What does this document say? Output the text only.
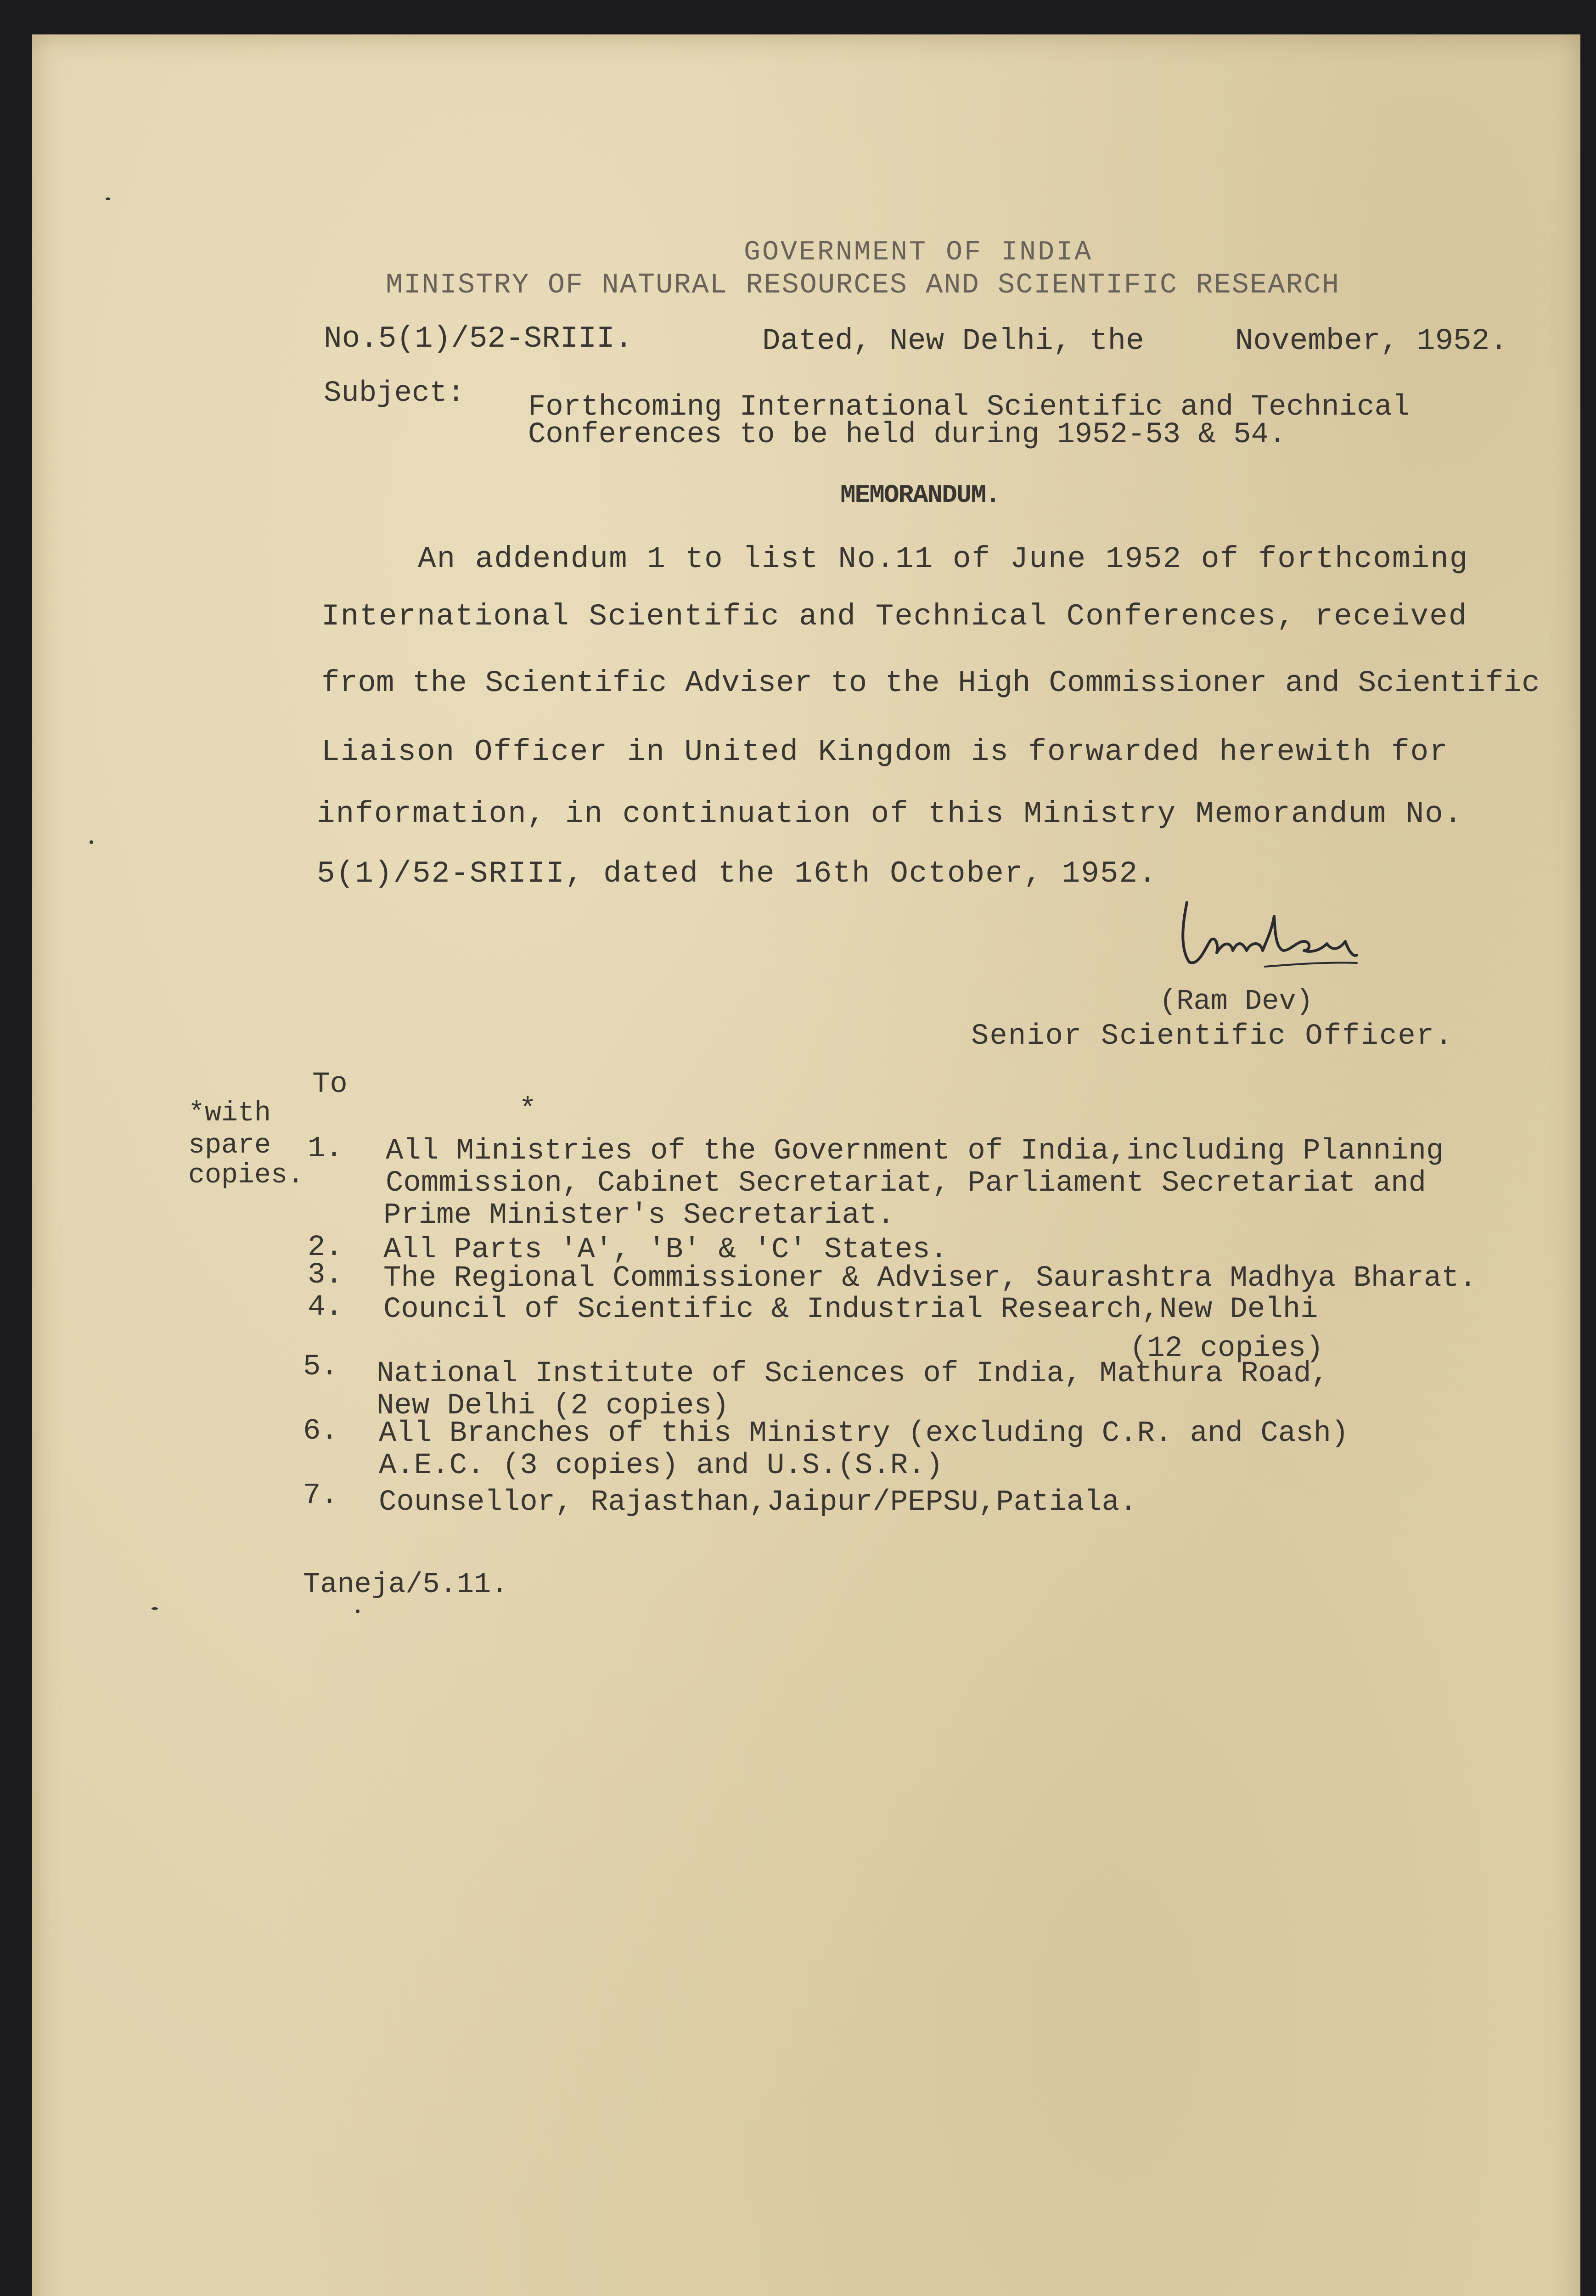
GOVERNMENT OF INDIA

MINISTRY OF NATURAL RESOURCES AND SCIENTIFIC RESEARCH

No.5(1)/52-SRIII.	Dated, New Delhi, the     November, 1952.

Subject: Forthcoming International Scientific and Technical

Conferences to be held during 1952-53 & 54.

MEMORANDUM.

An addendum 1 to list No.11 of June 1952 of forthcoming

International Scientific and Technical Conferences, received

from the Scientific Adviser to the High Commissioner and Scientific

Liaison Officer in United Kingdom is forwarded herewith for

information, in continuation of this Ministry Memorandum No.

5(1)/52-SRIII, dated the 16th October, 1952.

(Ram Dev)

Senior Scientific Officer.

To

*

*with

spare

copies.

1. All Ministries of the Government of India,including Planning

Commission, Cabinet Secretariat, Parliament Secretariat and

Prime Minister's Secretariat.

2. All Parts 'A', 'B' & 'C' States.

3. The Regional Commissioner & Adviser, Saurashtra Madhya Bharat.

4. Council of Scientific & Industrial Research,New Delhi

(12 copies)

5. National Institute of Sciences of India, Mathura Road,

New Delhi (2 copies)

6. All Branches of this Ministry (excluding C.R. and Cash)

A.E.C. (3 copies) and U.S.(S.R.)

7. Counsellor, Rajasthan,Jaipur/PEPSU,Patiala.

Taneja/5.11.
